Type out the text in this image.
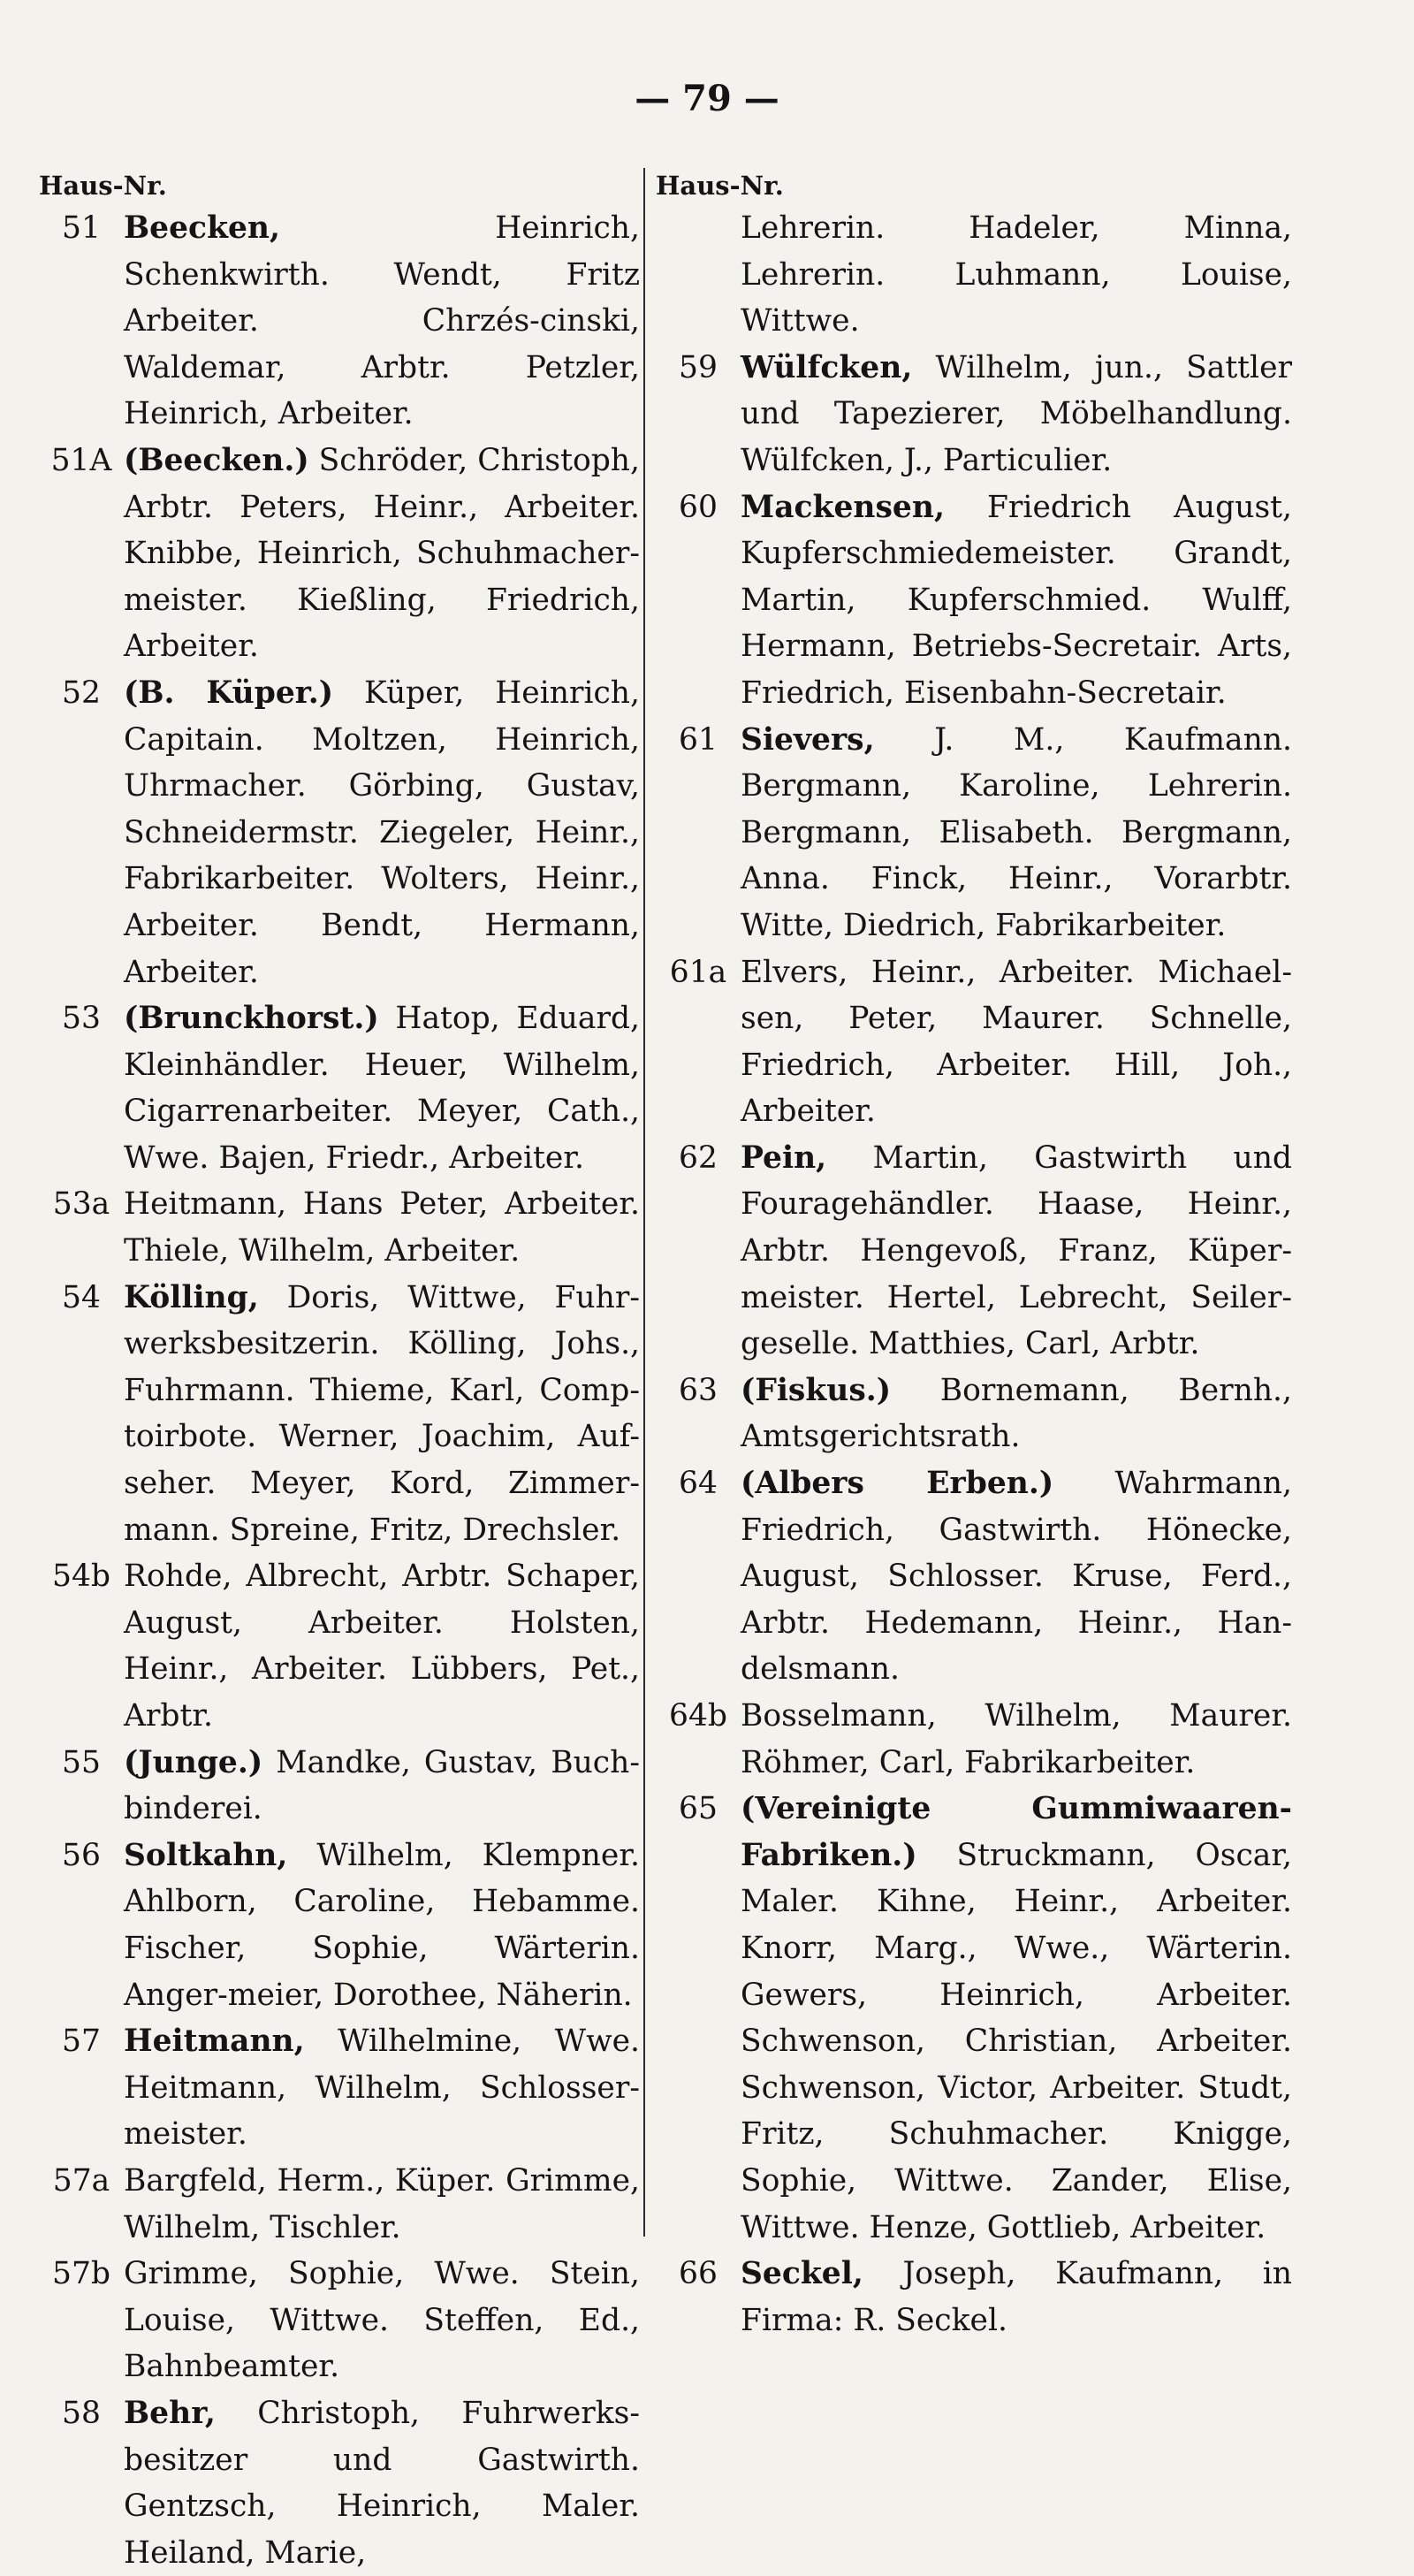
— 79 —
Haus-Nr.
51 Beecken, Heinrich, Schenkwirth. Wendt, Fritz Arbeiter. Chrzés-cinski, Waldemar, Arbtr. Petzler, Heinrich, Arbeiter.
51A (Beecken.) Schröder, Christoph, Arbtr. Peters, Heinr., Arbeiter. Knibbe, Heinrich, Schuhmacher-meister. Kießling, Friedrich, Arbeiter.
52 (B. Küper.) Küper, Heinrich, Capitain. Moltzen, Heinrich, Uhrmacher. Görbing, Gustav, Schneidermstr. Ziegeler, Heinr., Fabrikarbeiter. Wolters, Heinr., Arbeiter. Bendt, Hermann, Arbeiter.
53 (Brunckhorst.) Hatop, Eduard, Kleinhändler. Heuer, Wilhelm, Cigarrenarbeiter. Meyer, Cath., Wwe. Bajen, Friedr., Arbeiter.
53a Heitmann, Hans Peter, Arbeiter. Thiele, Wilhelm, Arbeiter.
54 Kölling, Doris, Wittwe, Fuhr-werksbesitzerin. Kölling, Johs., Fuhrmann. Thieme, Karl, Comp-toirbote. Werner, Joachim, Auf-seher. Meyer, Kord, Zimmer-mann. Spreine, Fritz, Drechsler.
54b Rohde, Albrecht, Arbtr. Schaper, August, Arbeiter. Holsten, Heinr., Arbeiter. Lübbers, Pet., Arbtr.
55 (Junge.) Mandke, Gustav, Buch-binderei.
56 Soltkahn, Wilhelm, Klempner. Ahlborn, Caroline, Hebamme. Fischer, Sophie, Wärterin. Anger-meier, Dorothee, Näherin.
57 Heitmann, Wilhelmine, Wwe. Heitmann, Wilhelm, Schlosser-meister.
57a Bargfeld, Herm., Küper. Grimme, Wilhelm, Tischler.
57b Grimme, Sophie, Wwe. Stein, Louise, Wittwe. Steffen, Ed., Bahnbeamter.
58 Behr, Christoph, Fuhrwerks-besitzer und Gastwirth. Gentzsch, Heinrich, Maler. Heiland, Marie,
Haus-Nr.
Lehrerin. Hadeler, Minna, Lehrerin. Luhmann, Louise, Wittwe.
59 Wülfcken, Wilhelm, jun., Sattler und Tapezierer, Möbelhandlung. Wülfcken, J., Particulier.
60 Mackensen, Friedrich August, Kupferschmiedemeister. Grandt, Martin, Kupferschmied. Wulff, Hermann, Betriebs-Secretair. Arts, Friedrich, Eisenbahn-Secretair.
61 Sievers, J. M., Kaufmann. Bergmann, Karoline, Lehrerin. Bergmann, Elisabeth. Bergmann, Anna. Finck, Heinr., Vorarbtr. Witte, Diedrich, Fabrikarbeiter.
61a Elvers, Heinr., Arbeiter. Michael-sen, Peter, Maurer. Schnelle, Friedrich, Arbeiter. Hill, Joh., Arbeiter.
62 Pein, Martin, Gastwirth und Fouragehändler. Haase, Heinr., Arbtr. Hengevoß, Franz, Küper-meister. Hertel, Lebrecht, Seiler-geselle. Matthies, Carl, Arbtr.
63 (Fiskus.) Bornemann, Bernh., Amtsgerichtsrath.
64 (Albers Erben.) Wahrmann, Friedrich, Gastwirth. Hönecke, August, Schlosser. Kruse, Ferd., Arbtr. Hedemann, Heinr., Han-delsmann.
64b Bosselmann, Wilhelm, Maurer. Röhmer, Carl, Fabrikarbeiter.
65 (Vereinigte Gummiwaaren-Fabriken.) Struckmann, Oscar, Maler. Kihne, Heinr., Arbeiter. Knorr, Marg., Wwe., Wärterin. Gewers, Heinrich, Arbeiter. Schwenson, Christian, Arbeiter. Schwenson, Victor, Arbeiter. Studt, Fritz, Schuhmacher. Knigge, Sophie, Wittwe. Zander, Elise, Wittwe. Henze, Gottlieb, Arbeiter.
66 Seckel, Joseph, Kaufmann, in Firma: R. Seckel.
